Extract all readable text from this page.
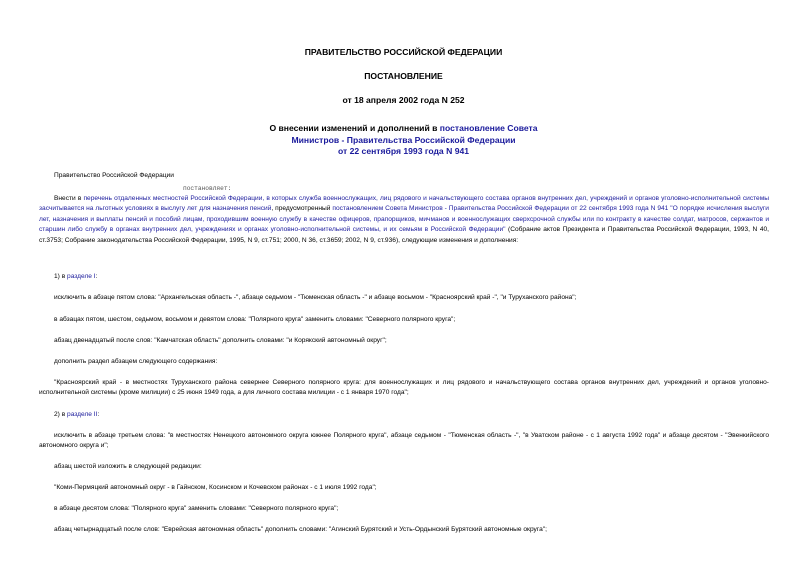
ПРАВИТЕЛЬСТВО РОССИЙСКОЙ ФЕДЕРАЦИИ
ПОСТАНОВЛЕНИЕ
от 18 апреля 2002 года N 252
О внесении изменений и дополнений в постановление Совета
Министров - Правительства Российской Федерации
от 22 сентября 1993 года N 941
Правительство Российской Федерации
постановляет:
Внести в перечень отдаленных местностей Российской Федерации, в которых служба военнослужащих, лиц рядового и начальствующего состава органов внутренних дел, учреждений и органов уголовно-исполнительной системы засчитывается на льготных условиях в выслугу лет для назначения пенсий, предусмотренный постановлением Совета Министров - Правительства Российской Федерации от 22 сентября 1993 года N 941 "О порядке исчисления выслуги лет, назначения и выплаты пенсий и пособий лицам, проходившим военную службу в качестве офицеров, прапорщиков, мичманов и военнослужащих сверхсрочной службы или по контракту в качестве солдат, матросов, сержантов и старшин либо службу в органах внутренних дел, учреждениях и органах уголовно-исполнительной системы, и их семьям в Российской Федерации" (Собрание актов Президента и Правительства Российской Федерации, 1993, N 40, ст.3753; Собрание законодательства Российской Федерации, 1995, N 9, ст.751; 2000, N 36, ст.3659; 2002, N 9, ст.936), следующие изменения и дополнения:
1) в разделе I:
исключить в абзаце пятом слова: "Архангельская область -", абзаце седьмом - "Тюменская область -" и абзаце восьмом - "Красноярский край -", "и Туруханского района";
в абзацах пятом, шестом, седьмом, восьмом и девятом слова: "Полярного круга" заменить словами: "Северного полярного круга";
абзац двенадцатый после слов: "Камчатская область" дополнить словами: "и Корякский автономный округ";
дополнить раздел абзацем следующего содержания:
"Красноярский край - в местностях Туруханского района севернее Северного полярного круга: для военнослужащих и лиц рядового и начальствующего состава органов внутренних дел, учреждений и органов уголовно-исполнительной системы (кроме милиции) с 25 июня 1949 года, а для личного состава милиции - с 1 января 1970 года";
2) в разделе II:
исключить в абзаце третьем слова: "в местностях Ненецкого автономного округа южнее Полярного круга", абзаце седьмом - "Тюменская область -", "в Уватском районе - с 1 августа 1992 года" и абзаце десятом - "Эвенкийского автономного округа и";
абзац шестой изложить в следующей редакции:
"Коми-Пермяцкий автономный округ - в Гайнском, Косинском и Кочевском районах - с 1 июля 1992 года";
в абзаце десятом слова: "Полярного круга" заменить словами: "Северного полярного круга";
абзац четырнадцатый после слов: "Еврейская автономная область" дополнить словами: "Агинский Бурятский и Усть-Ордынский Бурятский автономные округа";
